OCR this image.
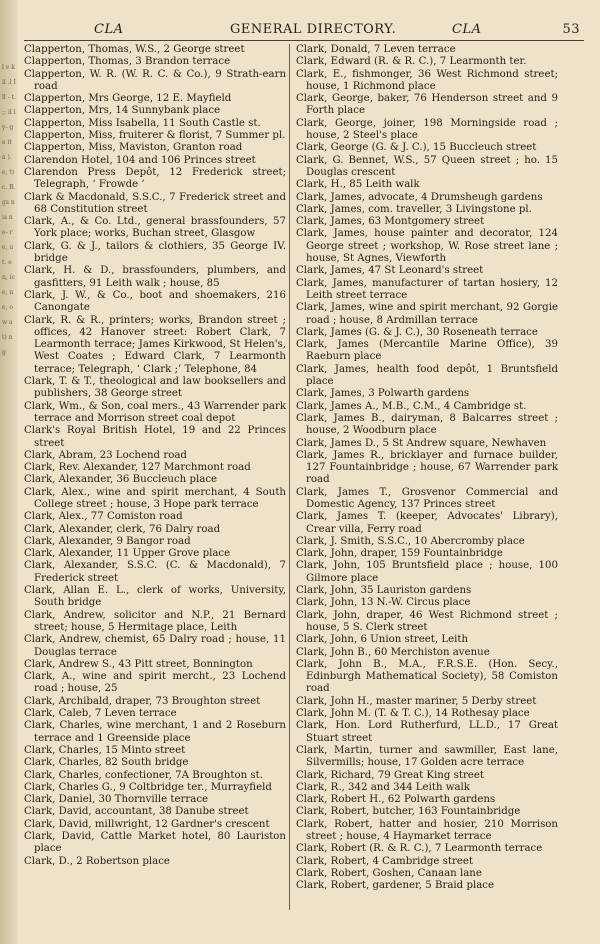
l e k il .l I ll - t. ;: il ly- ge it a ). e, t) c. B. gs nis ne- re, ut. en, ice, ne, ow at) ng
CLA	GENERAL DIRECTORY.	CLA	53

Clapperton, Thomas, W.S., 2 George street

Clapperton, Thomas, 3 Brandon terrace

Clapperton, W. R. (W. R. C. & Co.), 9 Strath-earn road

Clapperton, Mrs George, 12 E. Mayfield

Clapperton, Mrs, 14 Sunnybank place

Clapperton, Miss Isabella, 11 South Castle st.

Clapperton, Miss, fruiterer & florist, 7 Summer pl.

Clapperton, Miss, Maviston, Granton road

Clarendon Hotel, 104 and 106 Princes street

Clarendon Press Depôt, 12 Frederick street; Telegraph, ‘ Frowde ’

Clark & Macdonald, S.S.C., 7 Frederick street and 68 Constitution street

Clark, A., & Co. Ltd., general brassfounders, 57 York place; works, Buchan street, Glasgow

Clark, G. & J., tailors & clothiers, 35 George IV. bridge

Clark, H. & D., brassfounders, plumbers, and gasfitters, 91 Leith walk ; house, 85

Clark, J. W., & Co., boot and shoemakers, 216 Canongate

Clark, R. & R., printers; works, Brandon street ; offices, 42 Hanover street: Robert Clark, 7 Learmonth terrace; James Kirkwood, St Helen's, West Coates ; Edward Clark, 7 Learmonth terrace; Telegraph, ‘ Clark ;’ Telephone, 84

Clark, T. & T., theological and law booksellers and publishers, 38 George street

Clark, Wm., & Son, coal mers., 43 Warrender park terrace and Morrison street coal depot

Clark's Royal British Hotel, 19 and 22 Princes street

Clark, Abram, 23 Lochend road

Clark, Rev. Alexander, 127 Marchmont road

Clark, Alexander, 36 Buccleuch place

Clark, Alex., wine and spirit merchant, 4 South College street ; house, 3 Hope park terrace

Clark, Alex., 77 Comiston road

Clark, Alexander, clerk, 76 Dalry road

Clark, Alexander, 9 Bangor road

Clark, Alexander, 11 Upper Grove place

Clark, Alexander, S.S.C. (C. & Macdonald), 7 Frederick street

Clark, Allan E. L., clerk of works, University, South bridge

Clark, Andrew, solicitor and N.P., 21 Bernard street; house, 5 Hermitage place, Leith

Clark, Andrew, chemist, 65 Dalry road ; house, 11 Douglas terrace

Clark, Andrew S., 43 Pitt street, Bonnington

Clark, A., wine and spirit mercht., 23 Lochend road ; house, 25

Clark, Archibald, draper, 73 Broughton street

Clark, Caleb, 7 Leven terrace

Clark, Charles, wine merchant, 1 and 2 Roseburn terrace and 1 Greenside place

Clark, Charles, 15 Minto street

Clark, Charles, 82 South bridge

Clark, Charles, confectioner, 7A Broughton st.

Clark, Charles G., 9 Coltbridge ter., Murrayfield

Clark, Daniel, 30 Thornville terrace

Clark, David, accountant, 38 Danube street

Clark, David, millwright, 12 Gardner's crescent

Clark, David, Cattle Market hotel, 80 Lauriston place

Clark, D., 2 Robertson place

Clark, Donald, 7 Leven terrace

Clark, Edward (R. & R. C.), 7 Learmonth ter.

Clark, E., fishmonger, 36 West Richmond street; house, 1 Richmond place

Clark, George, baker, 76 Henderson street and 9 Forth place

Clark, George, joiner, 198 Morningside road ; house, 2 Steel's place

Clark, George (G. & J. C.), 15 Buccleuch street

Clark, G. Bennet, W.S., 57 Queen street ; ho. 15 Douglas crescent

Clark, H., 85 Leith walk

Clark, James, advocate, 4 Drumsheugh gardens

Clark, James, com. traveller, 3 Livingstone pl.

Clark, James, 63 Montgomery street

Clark, James, house painter and decorator, 124 George street ; workshop, W. Rose street lane ; house, St Agnes, Viewforth

Clark, James, 47 St Leonard's street

Clark, James, manufacturer of tartan hosiery, 12 Leith street terrace

Clark, James, wine and spirit merchant, 92 Gorgie road ; house, 8 Ardmillan terrace

Clark, James (G. & J. C.), 30 Roseneath terrace

Clark, James (Mercantile Marine Office), 39 Raeburn place

Clark, James, health food depôt, 1 Bruntsfield place

Clark, James, 3 Polwarth gardens

Clark, James A., M.B., C.M., 4 Cambridge st.

Clark, James B., dairyman, 8 Balcarres street ; house, 2 Woodburn place

Clark, James D., 5 St Andrew square, Newhaven

Clark, James R., bricklayer and furnace builder, 127 Fountainbridge ; house, 67 Warrender park road

Clark, James T., Grosvenor Commercial and Domestic Agency, 137 Princes street

Clark, James T. (keeper, Advocates' Library), Crear villa, Ferry road

Clark, J. Smith, S.S.C., 10 Abercromby place

Clark, John, draper, 159 Fountainbridge

Clark, John, 105 Bruntsfield place ; house, 100 Gilmore place

Clark, John, 35 Lauriston gardens

Clark, John, 13 N.-W. Circus place

Clark, John, draper, 46 West Richmond street ; house, 5 S. Clerk street

Clark, John, 6 Union street, Leith

Clark, John B., 60 Merchiston avenue

Clark, John B., M.A., F.R.S.E. (Hon. Secy., Edinburgh Mathematical Society), 58 Comiston road

Clark, John H., master mariner, 5 Derby street

Clark, John M. (T. & T. C.), 14 Rothesay place

Clark, Hon. Lord Rutherfurd, LL.D., 17 Great Stuart street

Clark, Martin, turner and sawmiller, East lane, Silvermills; house, 17 Golden acre terrace

Clark, Richard, 79 Great King street

Clark, R., 342 and 344 Leith walk

Clark, Robert H., 62 Polwarth gardens

Clark, Robert, butcher, 163 Fountainbridge

Clark, Robert, hatter and hosier, 210 Morrison street ; house, 4 Haymarket terrace

Clark, Robert (R. & R. C.), 7 Learmonth terrace

Clark, Robert, 4 Cambridge street

Clark, Robert, Goshen, Canaan lane

Clark, Robert, gardener, 5 Braid place
